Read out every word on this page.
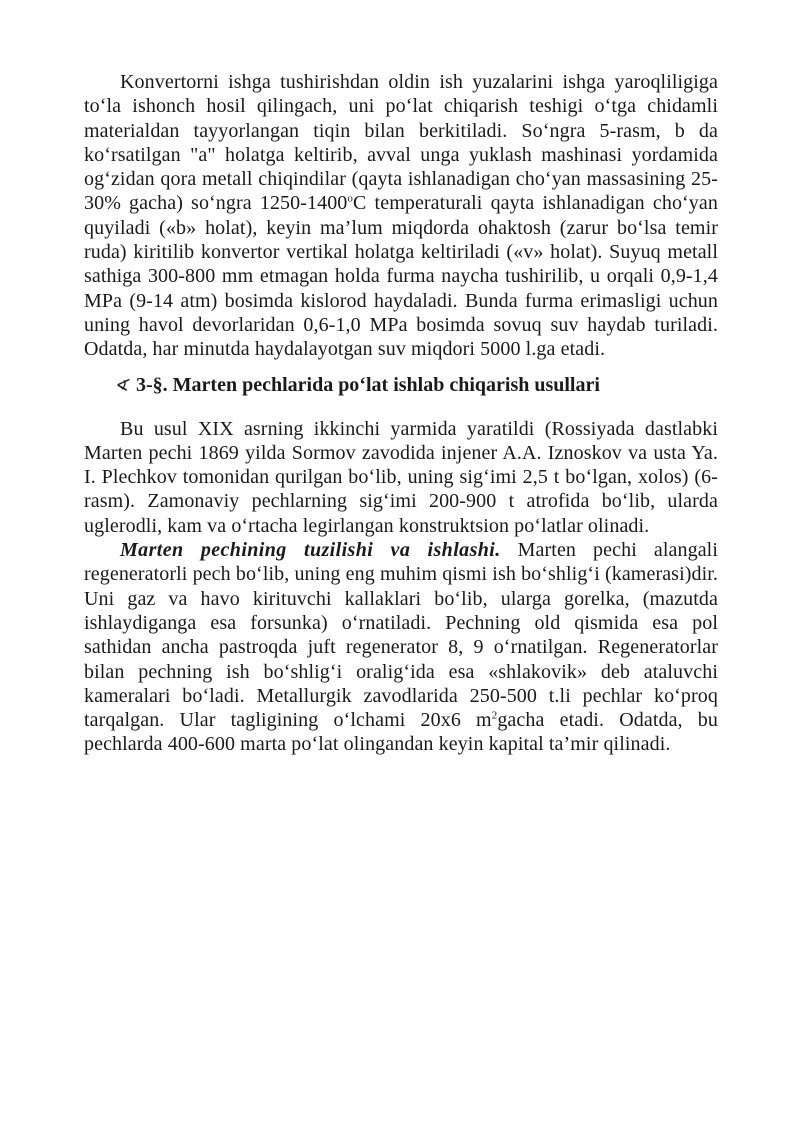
Konvertorni ishga tushirishdan oldin ish yuzalarini ishga yaroqliligiga to‘la ishonch hosil qilingach, uni po‘lat chiqarish teshigi o‘tga chidamli materialdan tayyorlangan tiqin bilan berkitiladi. So‘ngra 5-rasm, b da ko‘rsatilgan "a" holatga keltirib, avval unga yuklash mashinasi yordamida og‘zidan qora metall chiqindilar (qayta ishlanadigan cho‘yan massasining 25-30% gacha) so‘ngra 1250-1400$^o$C temperaturali qayta ishlanadigan cho‘yan quyiladi («b» holat), keyin ma’lum miqdorda ohaktosh (zarur bo‘lsa temir ruda) kiritilib konvertor vertikal holatga keltiriladi («v» holat). Suyuq metall sathiga 300-800 mm etmagan holda furma naycha tushirilib, u orqali 0,9-1,4 MPa (9-14 atm) bosimda kislorod haydaladi. Bunda furma erimasligi uchun uning havol devorlaridan 0,6-1,0 MPa bosimda sovuq suv haydab turiladi. Odatda, har minutda haydalayotgan suv miqdori 5000 l.ga etadi.

∢ 3-§. Marten pechlarida po‘lat ishlab chiqarish usullari

Bu usul XIX asrning ikkinchi yarmida yaratildi (Rossiyada dastlabki Marten pechi 1869 yilda Sormov zavodida injener A.A. Iznoskov va usta Ya. I. Plechkov tomonidan qurilgan bo‘lib, uning sig‘imi 2,5 t bo‘lgan, xolos) (6-rasm). Zamonaviy pechlarning sig‘imi 200-900 t atrofida bo‘lib, ularda uglerodli, kam va o‘rtacha legirlangan konstruktsion po‘latlar olinadi.

Marten pechining tuzilishi va ishlashi. Marten pechi alangali regeneratorli pech bo‘lib, uning eng muhim qismi ish bo‘shlig‘i (kamerasi)dir. Uni gaz va havo kirituvchi kallaklari bo‘lib, ularga gorelka, (mazutda ishlaydiganga esa forsunka) o‘rnatiladi. Pechning old qismida esa pol sathidan ancha pastroqda juft regenerator 8, 9 o‘rnatilgan. Regeneratorlar bilan pechning ish bo‘shlig‘i oralig‘ida esa «shlakovik» deb ataluvchi kameralari bo‘ladi. Metallurgik zavodlarida 250-500 t.li pechlar ko‘proq tarqalgan. Ular tagligining o‘lchami 20x6 $m^2gacha$ etadi. Odatda, bu pechlarda 400-600 marta po‘lat olingandan keyin kapital ta’mir qilinadi.
